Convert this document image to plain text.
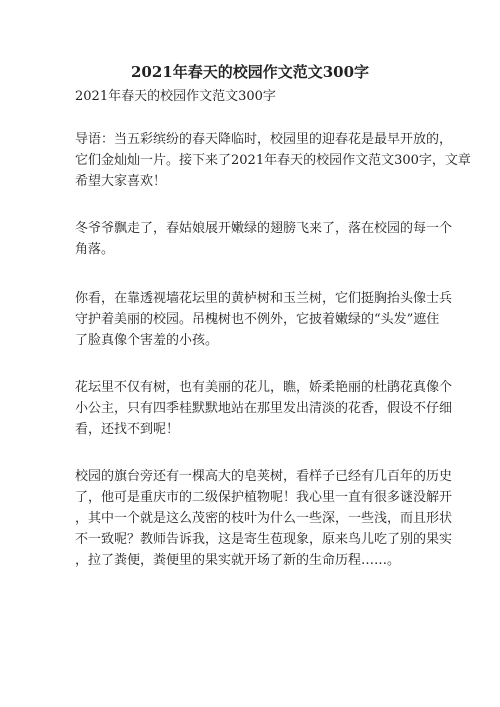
2021年春天的校园作文范文300字

2021年春天的校园作文范文300字

导语：当五彩缤纷的春天降临时，校园里的迎春花是最早开放的，
它们金灿灿一片。接下来了2021年春天的校园作文范文300字，文章
希望大家喜欢！
冬爷爷飘走了，春姑娘展开嫩绿的翅膀飞来了，落在校园的每一个
角落。
你看，在靠透视墙花坛里的黄栌树和玉兰树，它们挺胸抬头像士兵
守护着美丽的校园。吊槐树也不例外，它披着嫩绿的“头发”遮住
了脸真像个害羞的小孩。
花坛里不仅有树，也有美丽的花儿，瞧，娇柔艳丽的杜鹃花真像个
小公主，只有四季桂默默地站在那里发出清淡的花香，假设不仔细
看，还找不到呢！
校园的旗台旁还有一棵高大的皂荚树，看样子已经有几百年的历史
了，他可是重庆市的二级保护植物呢！我心里一直有很多谜没解开
，其中一个就是这么茂密的枝叶为什么一些深，一些浅，而且形状
不一致呢？教师告诉我，这是寄生苞现象，原来鸟儿吃了别的果实
，拉了粪便，粪便里的果实就开场了新的生命历程……。
